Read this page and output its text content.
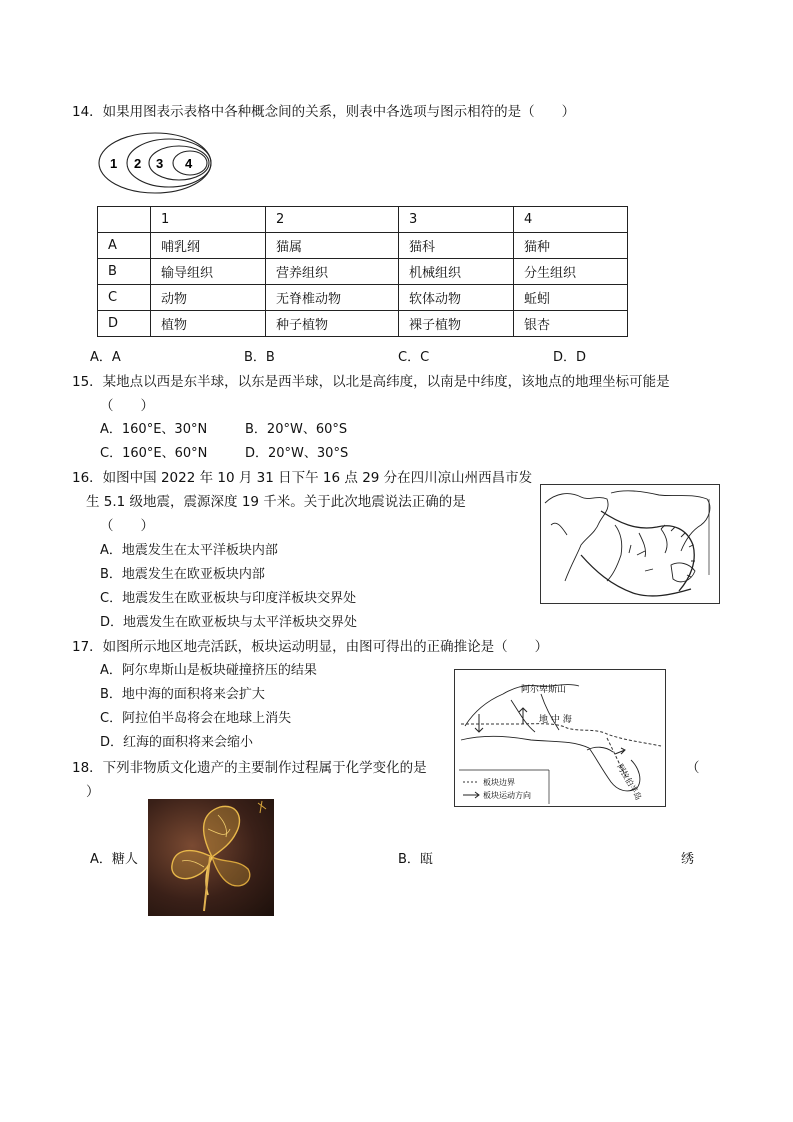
14．如果用图表示表格中各种概念间的关系，则表中各选项与图示相符的是（　　）
1 2 3 4
	1	2	3	4
A	哺乳纲	猫属	猫科	猫种
B	输导组织	营养组织	机械组织	分生组织
C	动物	无脊椎动物	软体动物	蚯蚓
D	植物	种子植物	裸子植物	银杏
A．A	B．B	C．C	D．D
15．某地点以西是东半球，以东是西半球，以北是高纬度，以南是中纬度，该地点的地理坐标可能是
（　　）
A．160°E、30°N	B．20°W、60°S
C．160°E、60°N	D．20°W、30°S
16．如图中国 2022 年 10 月 31 日下午 16 点 29 分在四川凉山州西昌市发
生 5.1 级地震，震源深度 19 千米。关于此次地震说法正确的是
（　　）
A．地震发生在太平洋板块内部
B．地震发生在欧亚板块内部
C．地震发生在欧亚板块与印度洋板块交界处
D．地震发生在欧亚板块与太平洋板块交界处
17．如图所示地区地壳活跃，板块运动明显，由图可得出的正确推论是（　　）
A．阿尔卑斯山是板块碰撞挤压的结果
B．地中海的面积将来会扩大
C．阿拉伯半岛将会在地球上消失
D．红海的面积将来会缩小
阿尔卑斯山
地 中 海
阿拉伯半岛
板块边界
板块运动方向
18．下列非物质文化遗产的主要制作过程属于化学变化的是	（
）
A．糖人	B．瓯	绣
